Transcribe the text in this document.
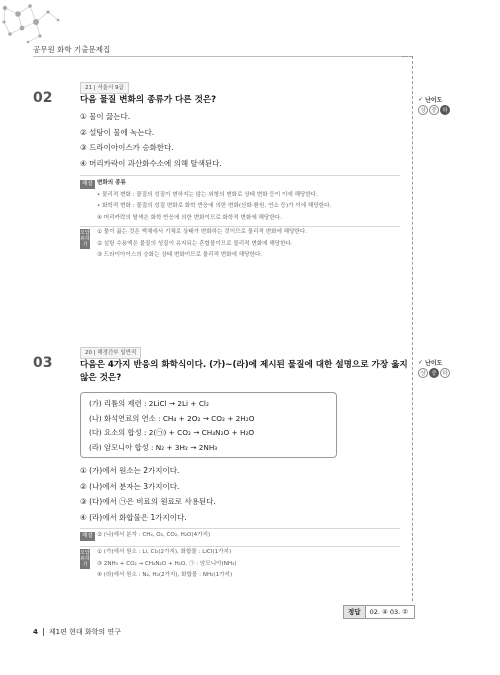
공무원 화학 기출문제집
02
21 | 서울시 9급
다음 물질 변화의 종류가 다른 것은?
① 물이 끓는다.
② 설탕이 물에 녹는다.
③ 드라이아이스가 승화한다.
④ 머리카락이 과산화수소에 의해 탈색된다.
해설 변화의 종류
• 물리적 변화 : 물질의 성질이 변하지는 않는 외형의 변화로 상태 변화 등이 이에 해당한다.
• 화학적 변화 : 물질의 성질 변화로 화학 반응에 의한 변화(산화·환원, 연소 등)가 이에 해당한다.
④ 머리카락의 탈색은 화학 반응에 의한 변화이므로 화학적 변화에 해당한다.
오답 피하기
① 물이 끓는 것은 액체에서 기체로 상태가 변화하는 것이므로 물리적 변화에 해당한다.
② 설탕 수용액은 물질의 성질이 유지되는 혼합물이므로 물리적 변화에 해당한다.
③ 드라이아이스의 승화는 상태 변화이므로 물리적 변화에 해당한다.
✓ 난이도
상	중	하
03
20 | 해경간부 일반직
다음은 4가지 반응의 화학식이다. (가)~(라)에 제시된 물질에 대한 설명으로 가장 옳지
않은 것은?
(가) 리튬의 제련 : 2LiCl → 2Li + Cl₂
(나) 화석연료의 연소 : CH₄ + 2O₂ → CO₂ + 2H₂O
(다) 요소의 합성 : 2(㉠) + CO₂ → CH₄N₂O + H₂O
(라) 암모니아 합성 : N₂ + 3H₂ → 2NH₃
① (가)에서 원소는 2가지이다.
② (나)에서 분자는 3가지이다.
③ (다)에서 ㉠은 비료의 원료로 사용된다.
④ (라)에서 화합물은 1가지이다.
해설 ② (나)에서 분자 : CH₄, O₂, CO₂, H₂O(4가지)
오답 피하기
① (가)에서 원소 : Li, Cl₂(2가지), 화합물 : LiCl(1가지)
③ 2NH₃ + CO₂ → CH₄N₂O + H₂O, ㉠ : 암모니아(NH₃)
④ (라)에서 원소 : N₂, H₂(2가지), 화합물 : NH₃(1가지)
✓ 난이도
상	중	하
정답	02. ④ 03. ②
4 제1편 현대 화학의 연구
